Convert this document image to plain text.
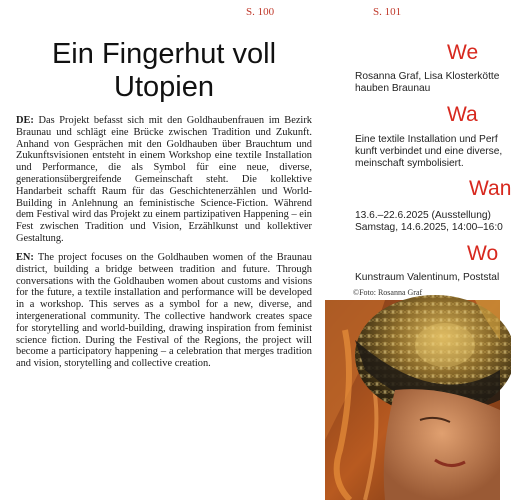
S. 100	S. 101
Ein Fingerhut voll
Utopien

DE: Das Projekt befasst sich mit den Goldhaubenfrauen im Bezirk Braunau und schlägt eine Brücke zwischen Tradition und Zukunft. Anhand von Gesprächen mit den Goldhauben über Brauchtum und Zukunftsvisionen entsteht in einem Workshop eine textile Installation und Performance, die als Symbol für eine neue, diverse, generationsübergreifende Gemeinschaft steht. Die kollektive Handarbeit schafft Raum für das Geschichtenerzählen und World-Building in Anlehnung an feministische Science-Fiction. Während dem Festival wird das Projekt zu einem partizipativen Happening – ein Fest zwischen Tradition und Vision, Erzählkunst und kollektiver Gestaltung.

EN: The project focuses on the Goldhauben women of the Braunau district, building a bridge between tradition and future. Through conversations with the Goldhauben women about customs and visions for the future, a textile installation and performance will be developed in a workshop. This serves as a symbol for a new, diverse, and intergenerational community. The collective handwork creates space for storytelling and world-building, drawing inspiration from feminist science fiction. During the Festival of the Regions, the project will become a participatory happening – a celebration that merges tradition and vision, storytelling and collective creation.

We
Rosanna Graf, Lisa Klosterkötte
hauben Braunau
Wa
Eine textile Installation und Perf
kunft verbindet und eine diverse,
meinschaft symbolisiert.
Wan
13.6.–22.6.2025 (Ausstellung)
Samstag, 14.6.2025, 14:00–16:0
Wo
Kunstraum Valentinum, Poststal

©Foto: Rosanna Graf
